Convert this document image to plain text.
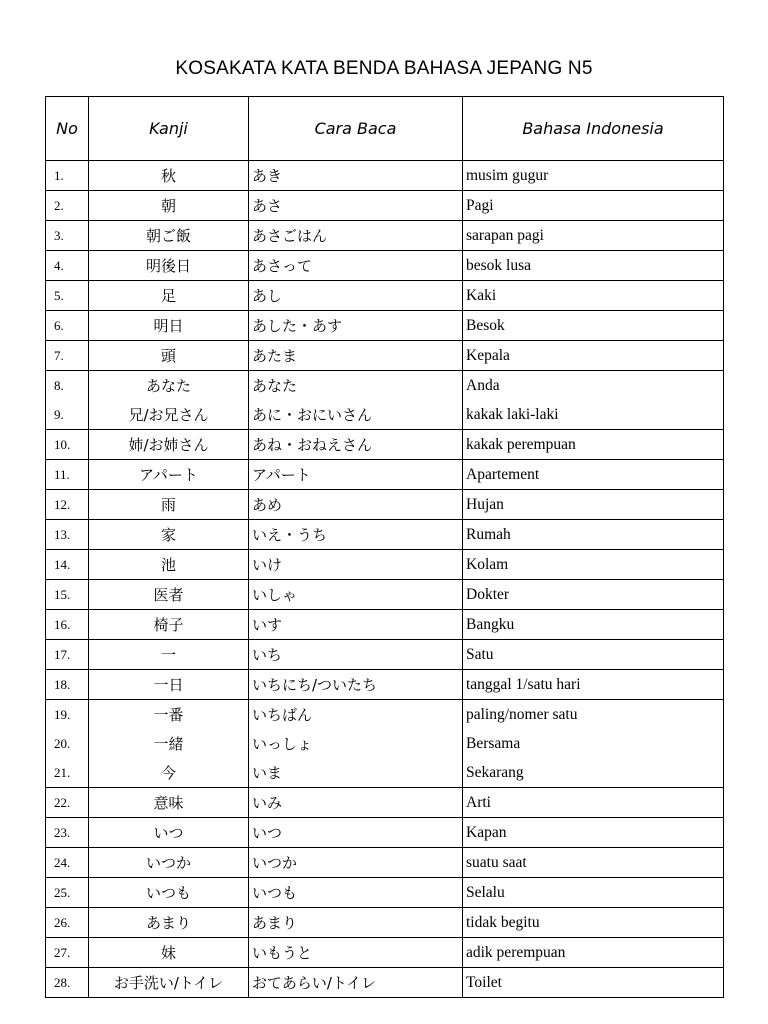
KOSAKATA KATA BENDA BAHASA JEPANG N5
No	Kanji	Cara Baca	Bahasa Indonesia
1.	秋	あき	musim gugur
2.	朝	あさ	Pagi
3.	朝ご飯	あさごはん	sarapan pagi
4.	明後日	あさって	besok lusa
5.	足	あし	Kaki
6.	明日	あした・あす	Besok
7.	頭	あたま	Kepala
8.	あなた	あなた	Anda
9.	兄/お兄さん	あに・おにいさん	kakak laki-laki
10.	姉/お姉さん	あね・おねえさん	kakak perempuan
11.	アパート	アパート	Apartement
12.	雨	あめ	Hujan
13.	家	いえ・うち	Rumah
14.	池	いけ	Kolam
15.	医者	いしゃ	Dokter
16.	椅子	いす	Bangku
17.	一	いち	Satu
18.	一日	いちにち/ついたち	tanggal 1/satu hari
19.	一番	いちばん	paling/nomer satu
20.	一緒	いっしょ	Bersama
21.	今	いま	Sekarang
22.	意味	いみ	Arti
23.	いつ	いつ	Kapan
24.	いつか	いつか	suatu saat
25.	いつも	いつも	Selalu
26.	あまり	あまり	tidak begitu
27.	妹	いもうと	adik perempuan
28.	お手洗い/トイレ	おてあらい/トイレ	Toilet
